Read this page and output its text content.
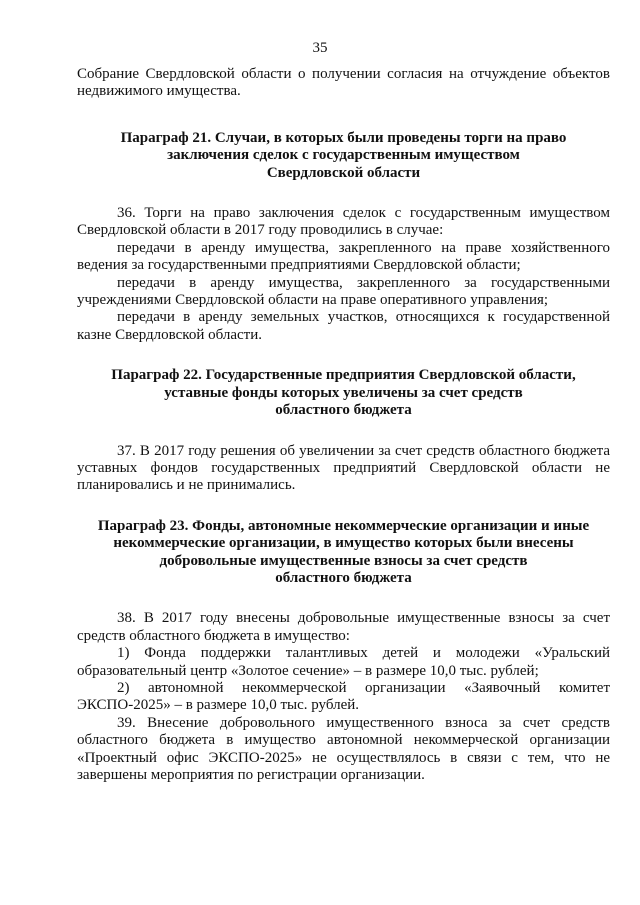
35

Собрание Свердловской области о получении согласия на отчуждение объектов недвижимого имущества.

Параграф 21. Случаи, в которых были проведены торги на право
заключения сделок с государственным имуществом
Свердловской области

36. Торги на право заключения сделок с государственным имуществом Свердловской области в 2017 году проводились в случае:

передачи в аренду имущества, закрепленного на праве хозяйственного ведения за государственными предприятиями Свердловской области;

передачи в аренду имущества, закрепленного за государственными учреждениями Свердловской области на праве оперативного управления;

передачи в аренду земельных участков, относящихся к государственной казне Свердловской области.

Параграф 22. Государственные предприятия Свердловской области,
уставные фонды которых увеличены за счет средств
областного бюджета

37. В 2017 году решения об увеличении за счет средств областного бюджета уставных фондов государственных предприятий Свердловской области не планировались и не принимались.

Параграф 23. Фонды, автономные некоммерческие организации и иные
некоммерческие организации, в имущество которых были внесены
добровольные имущественные взносы за счет средств
областного бюджета

38. В 2017 году внесены добровольные имущественные взносы за счет средств областного бюджета в имущество:

1) Фонда поддержки талантливых детей и молодежи «Уральский образовательный центр «Золотое сечение» – в размере 10,0 тыс. рублей;

2) автономной некоммерческой организации «Заявочный комитет ЭКСПО-2025» – в размере 10,0 тыс. рублей.

39. Внесение добровольного имущественного взноса за счет средств областного бюджета в имущество автономной некоммерческой организации «Проектный офис ЭКСПО-2025» не осуществлялось в связи с тем, что не завершены мероприятия по регистрации организации.
